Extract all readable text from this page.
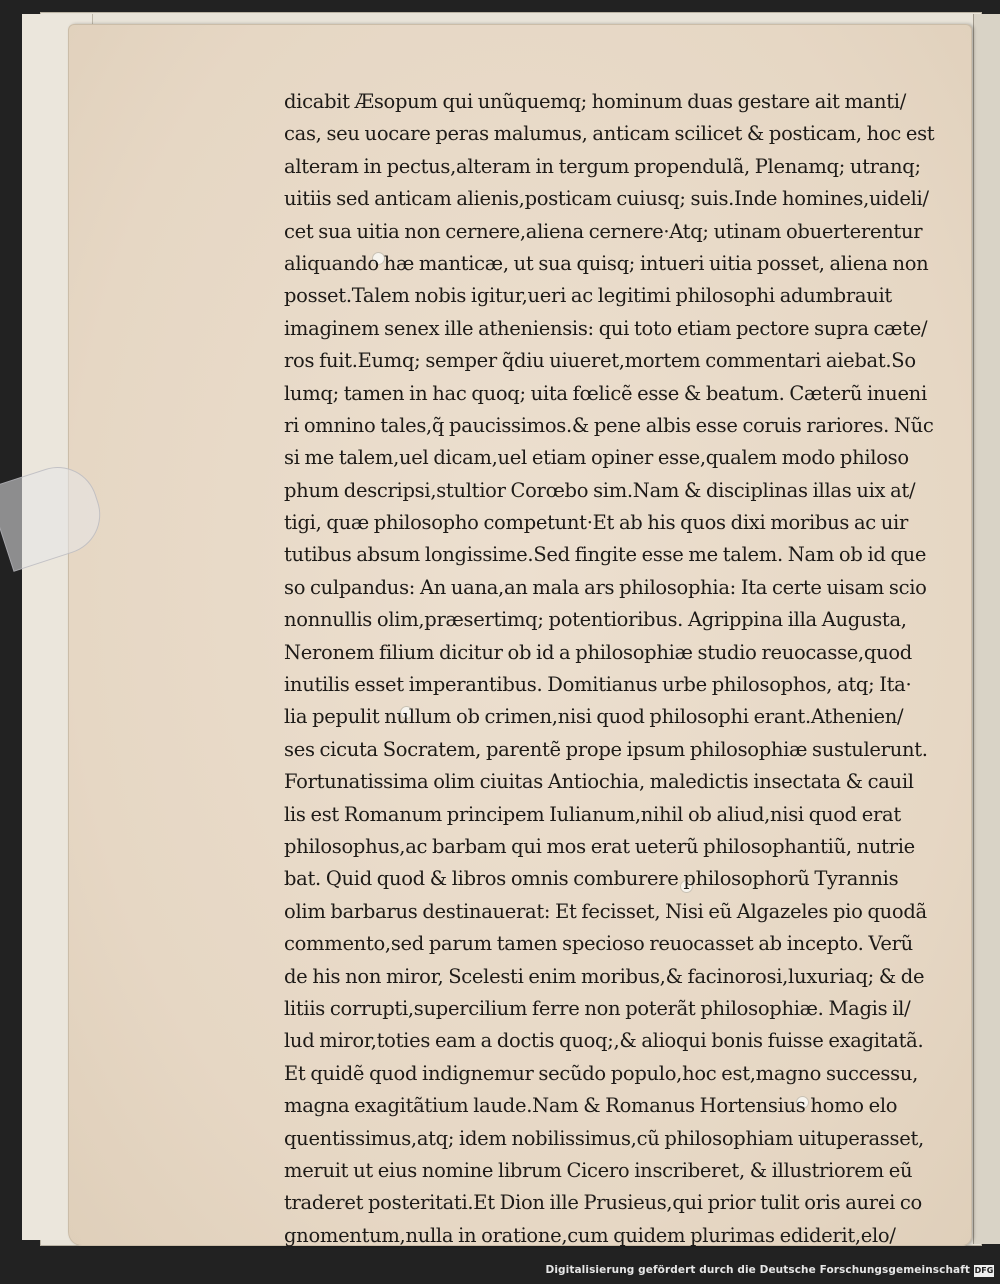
dicabit Æsopum qui unũquemq; hominum duas gestare ait manti/
cas, seu uocare peras malumus, anticam scilicet & posticam, hoc est
alteram in pectus,alteram in tergum propendulã, Plenamq; utranq;
uitiis sed anticam alienis,posticam cuiusq; suis.Inde homines,uideli/
cet sua uitia non cernere,aliena cernere·Atq; utinam obuerterentur
aliquando hæ manticæ, ut sua quisq; intueri uitia posset, aliena non
posset.Talem nobis igitur,ueri ac legitimi philosophi adumbrauit
imaginem senex ille atheniensis: qui toto etiam pectore supra cæte/
ros fuit.Eumq; semper q̃diu uiueret,mortem commentari aiebat.So
lumq; tamen in hac quoq; uita fœlicẽ esse & beatum. Cæterũ inueni
ri omnino tales,q̃ paucissimos.& pene albis esse coruis rariores. Nũc
si me talem,uel dicam,uel etiam opiner esse,qualem modo philoso
phum descripsi,stultior Corœbo sim.Nam & disciplinas illas uix at/
tigi, quæ philosopho competunt·Et ab his quos dixi moribus ac uir
tutibus absum longissime.Sed fingite esse me talem. Nam ob id que
so culpandus: An uana,an mala ars philosophia: Ita certe uisam scio
nonnullis olim,præsertimq; potentioribus. Agrippina illa Augusta,
Neronem filium dicitur ob id a philosophiæ studio reuocasse,quod
inutilis esset imperantibus. Domitianus urbe philosophos, atq; Ita·
lia pepulit nullum ob crimen,nisi quod philosophi erant.Athenien/
ses cicuta Socratem, parentẽ prope ipsum philosophiæ sustulerunt.
Fortunatissima olim ciuitas Antiochia, maledictis insectata & cauil
lis est Romanum principem Iulianum,nihil ob aliud,nisi quod erat
philosophus,ac barbam qui mos erat ueterũ philosophantiũ, nutrie
bat. Quid quod & libros omnis comburere philosophorũ Tyrannis
olim barbarus destinauerat: Et fecisset, Nisi eũ Algazeles pio quodã
commento,sed parum tamen specioso reuocasset ab incepto. Verũ
de his non miror, Scelesti enim moribus,& facinorosi,luxuriaq; & de
litiis corrupti,supercilium ferre non poterãt philosophiæ. Magis il/
lud miror,toties eam a doctis quoq;,& alioqui bonis fuisse exagitatã.
Et quidẽ quod indignemur secũdo populo,hoc est,magno successu,
magna exagitãtium laude.Nam & Romanus Hortensius homo elo
quentissimus,atq; idem nobilissimus,cũ philosophiam uituperasset,
meruit ut eius nomine librum Cicero inscriberet, & illustriorem eũ
traderet posteritati.Et Dion ille Prusieus,qui prior tulit oris aurei co
gnomentum,nulla in oratione,cum quidem plurimas ediderit,elo/
Digitalisierung gefördert durch die Deutsche Forschungsgemeinschaft DFG
